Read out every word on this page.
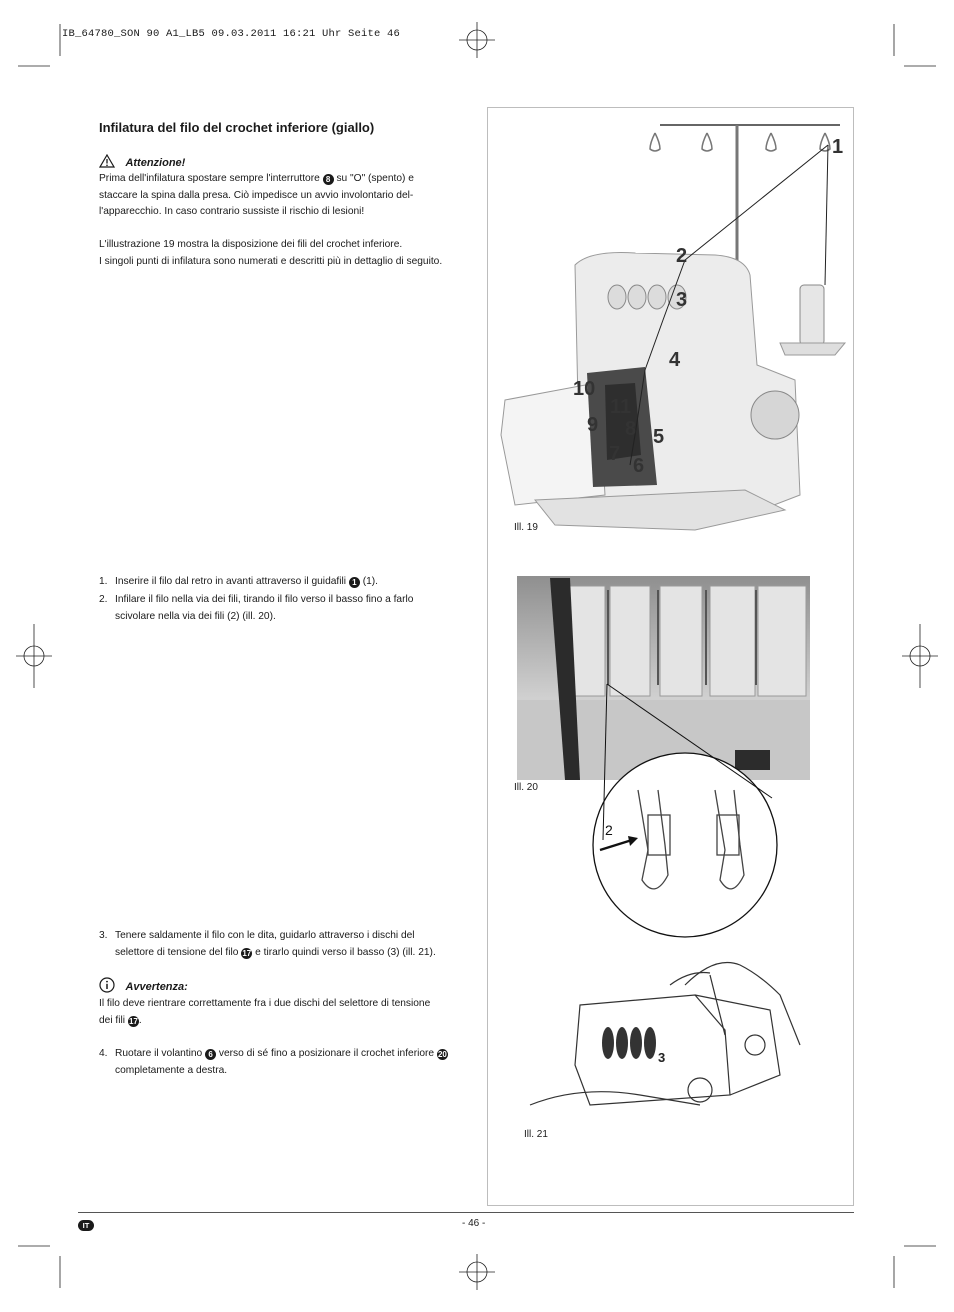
IB_64780_SON 90 A1_LB5 09.03.2011 16:21 Uhr Seite 46
Infilatura del filo del crochet inferiore (giallo)
Attenzione!
Prima dell'infilatura spostare sempre l'interruttore 8 su "O" (spento) e
staccare la spina dalla presa. Ciò impedisce un avvio involontario del-
l'apparecchio. In caso contrario sussiste il rischio di lesioni!
L'illustrazione 19 mostra la disposizione dei fili del crochet inferiore.
I singoli punti di infilatura sono numerati e descritti più in dettaglio di seguito.
1. Inserire il filo dal retro in avanti attraverso il guidafili 1 (1).
2. Infilare il filo nella via dei fili, tirando il filo verso il basso fino a farlo
scivolare nella via dei fili (2) (ill. 20).
3. Tenere saldamente il filo con le dita, guidarlo attraverso i dischi del
selettore di tensione del filo 17 e tirarlo quindi verso il basso (3) (ill. 21).
Avvertenza:
Il filo deve rientrare correttamente fra i due dischi del selettore di tensione
dei fili 17.
4. Ruotare il volantino 6 verso di sé fino a posizionare il crochet inferiore 20
completamente a destra.
1
2
3
4
5
6
7
8
9
10
11
Ill. 19
2
Ill. 20
3
Ill. 21
IT	- 46 -
